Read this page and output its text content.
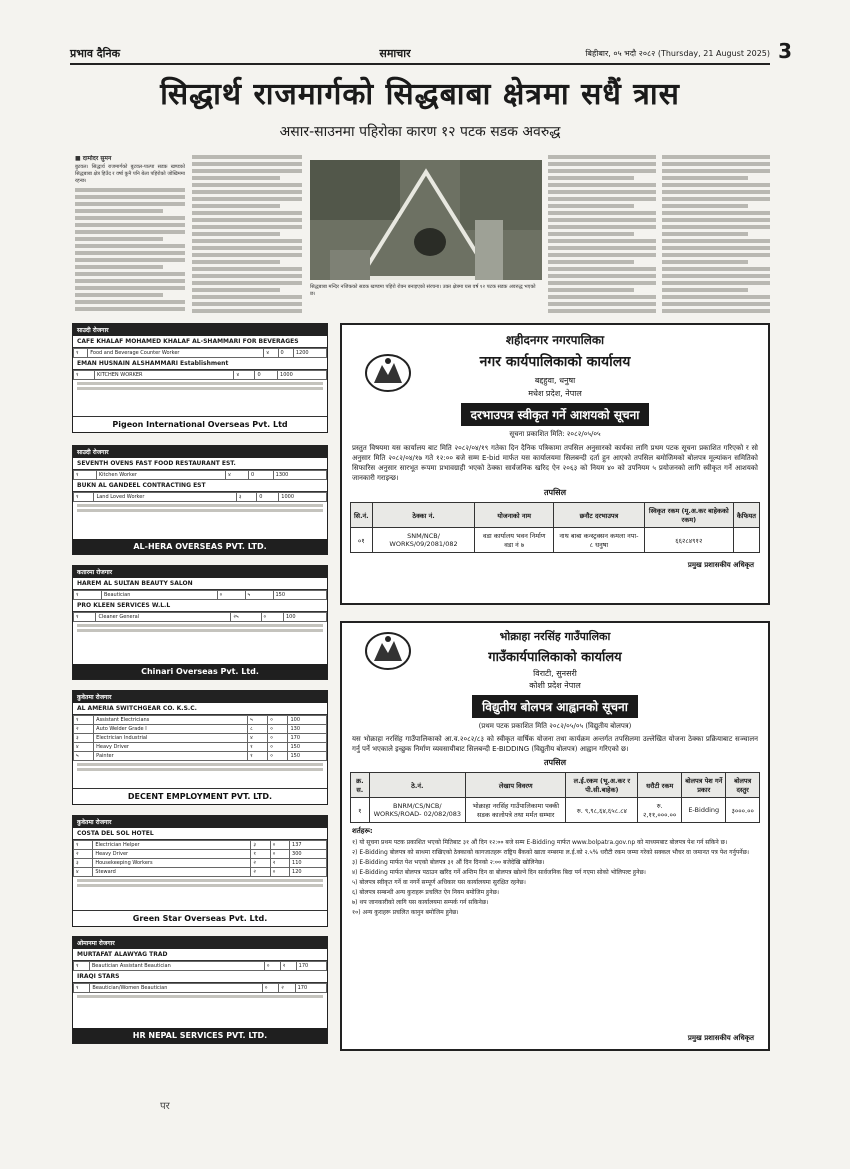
प्रभाव दैनिक	समाचार	बिहीबार, ०५ भदौ २०८२ (Thursday, 21 August 2025) 3
सिद्धार्थ राजमार्गको सिद्धबाबा क्षेत्रमा सधैं त्रास
असार-साउनमा पहिरोका कारण १२ पटक सडक अवरुद्ध
■ दामोदर सुमन
बुटवल। सिद्धार्थ राजमार्गको बुटवल-पाल्पा सडक खण्डको सिद्धबाबा क्षेत्र हिउँद र वर्षा कुनै पनि बेला पहिरोको जोखिममा रहन्छ।
सिद्धबाबा मन्दिर नजिकको सडक खण्डमा पहिरो रोक्न बनाइएको संरचना। उक्त क्षेत्रमा यस वर्ष १२ पटक सडक अवरुद्ध भएको छ।
साउदी रोजगार
CAFE KHALAF MOHAMED KHALAF AL-SHAMMARI FOR BEVERAGES
१	Food and Beverage Counter Worker	४	0	1200
EMAN HUSNAIN ALSHAMMARI Establishment
१	KITCHEN WORKER	४	0	1000
Pigeon International Overseas Pvt. Ltd
साउदी रोजगार
SEVENTH OVENS FAST FOOD RESTAURANT EST.
१	Kitchen Worker	४	0	1300
BUKN AL GANDEEL CONTRACTING EST
१	Land Loved Worker	३	0	1000
AL-HERA OVERSEAS PVT. LTD.
कतारमा रोजगार
HAREM AL SULTAN BEAUTY SALON
१	Beautician	०	५	150
PRO KLEEN SERVICES W.L.L
१	Cleaner General	२५	०	100
Chinari Overseas Pvt. Ltd.
कुवेतमा रोजगार
AL AMERIA SWITCHGEAR CO. K.S.C.
१	Assistant Electricians	५	०	100
२	Auto Welder Grade I	८	०	130
३	Electrician Industrial	४	०	170
४	Heavy Driver	१	०	150
५	Painter	१	०	150
DECENT EMPLOYMENT PVT. LTD.
कुवेतमा रोजगार
COSTA DEL SOL HOTEL
१	Electrician Helper	३	०	137
२	Heavy Driver	१	०	300
३	Housekeeping Workers	२	२	110
४	Steward	२	०	120
Green Star Overseas Pvt. Ltd.
ओमानमा रोजगार
MURTAFAT ALAWYAG TRAD
१	Beautician Assistant Beautician	०	२	170
IRAQI STARS
१	Beautician/Women Beautician	०	२	170
HR NEPAL SERVICES PVT. LTD.
शहीदनगर नगरपालिका
नगर कार्यपालिकाको कार्यालय
बद्दहुवा, धनुषा
मधेश प्रदेश, नेपाल
दरभाउपत्र स्वीकृत गर्ने आशयको सूचना
सूचना प्रकाशित मिति: २०८२/०५/०५
प्रस्तुत विषयमा यस कार्यालय बाट मिति २०८२/०४/१९ गतेका दिन दैनिक पत्रिकामा तपसिल अनुसारको कार्यका लागि प्रथम पटक सूचना प्रकाशित गरिएको र सो अनुसार मिति २०८२/०४/१७ गते १२:०० बजे सम्म E-bid मार्फत यस कार्यालयमा सिलबन्दी दर्ता हुन आएको तपसिल बमोजिमको बोलपत्र मूल्यांकन समितिको सिफारिस अनुसार सारभूत रूपमा प्रभावग्राही भएको ठेक्का सार्वजनिक खरिद ऐन २०६३ को नियम ४० को उपनियम ५ प्रयोजनको लागि स्वीकृत गर्ने आशयको जानकारी गराइन्छ।
तपसिल
सि.नं.	ठेक्का नं.	योजनाको नाम	छनौट दरभाउपत्र	स्विकृत रकम (मू.अ.कर बाहेकको रकम)	कैफियत
०१	SNM/NCB/ WORKS/09/2081/082	वडा कार्यालय भवन निर्माण वडा नं ७	नाथ बाबा कन्स्ट्रक्सन कमला नपा- ८ धनुषा	६६२८४९१२	
प्रमुख प्रशासकीय अधिकृत
भोक्राहा नरसिंह गाउँपालिका
गाउँकार्यपालिकाको कार्यालय
विराटी, सुनसरी
कोशी प्रदेश नेपाल
विद्युतीय बोलपत्र आह्वानको सूचना
(प्रथम पटक प्रकाशित मिति २०८२/०५/०५ (विद्युतीय बोलपत्र)
यस भोक्राहा नरसिंह गाउँपालिकाको आ.व.२०८२/८३ को स्वीकृत वार्षिक योजना तथा कार्यक्रम अन्तर्गत तपसिलमा उल्लेखित योजना ठेक्का प्रक्रियाबाट सञ्चालन गर्नु पर्ने भएकाले इच्छुक निर्माण व्यवसायीबाट सिलबन्दी E-BIDDING (विद्युतीय बोलपत्र) आह्वान गरिएको छ।
तपसिल
क्र. स.	ठे.नं.	लेखाप विवरण	ल.ई.रकम (भू.अ.कर र पी.सी.बाहेक)	धरौटी रकम	बोलपत्र पेश गर्ने प्रकार	बोलपत्र दस्तुर
१	BNRM/CS/NCB/ WORKS/ROAD- 02/082/083	भोक्राहा नरसिंह गाउँपालिकामा पक्की सडक कालोपत्रे तथा मर्मत सम्भार	रु. ९,९८,६४,६५८.८४	रु. २,११,०००.००	E-Bidding	३०००.००
शर्तहरू:
१) यो सूचना प्रथम पटक प्रकाशित भएको मितिबाट ३१ औं दिन १२:०० बजे सम्म E-Bidding मार्फत www.bolpatra.gov.np को माध्यमबाट बोलपत्र पेश गर्न सकिने छ।
२) E-Bidding बोलपत्र को साथमा राखिएको ठेक्काको कागजातहरू राष्ट्रिय बैंकको खाता नम्बरमा ल.ई.को २.५% धरौटी रकम जम्मा गरेको सक्कल भौचर वा जमानत पत्र पेश गर्नुपर्नेछ।
३) E-Bidding मार्फत पेश भएको बोलपत्र ३१ औं दिन दिनको २:०० बजेदेखि खोलिनेछ।
४) E-Bidding मार्फत बोलपत्र पठाउन खरिद गर्ने अन्तिम दिन वा बोलपत्र खोल्ने दिन सार्वजनिक बिदा पर्न गएमा सोको भोलिपल्ट हुनेछ।
५) बोलपत्र स्वीकृत गर्ने वा नगर्ने सम्पूर्ण अधिकार यस कार्यालयमा सुरक्षित रहनेछ।
६) बोलपत्र सम्बन्धी अन्य कुराहरू प्रचलित ऐन नियम बमोजिम हुनेछ।
७) थप जानकारीको लागि यस कार्यालयमा सम्पर्क गर्न सकिनेछ।
१०) अन्य कुराहरू प्रचलित कानुन बमोजिम हुनेछ।
प्रमुख प्रशासकीय अधिकृत
पर
